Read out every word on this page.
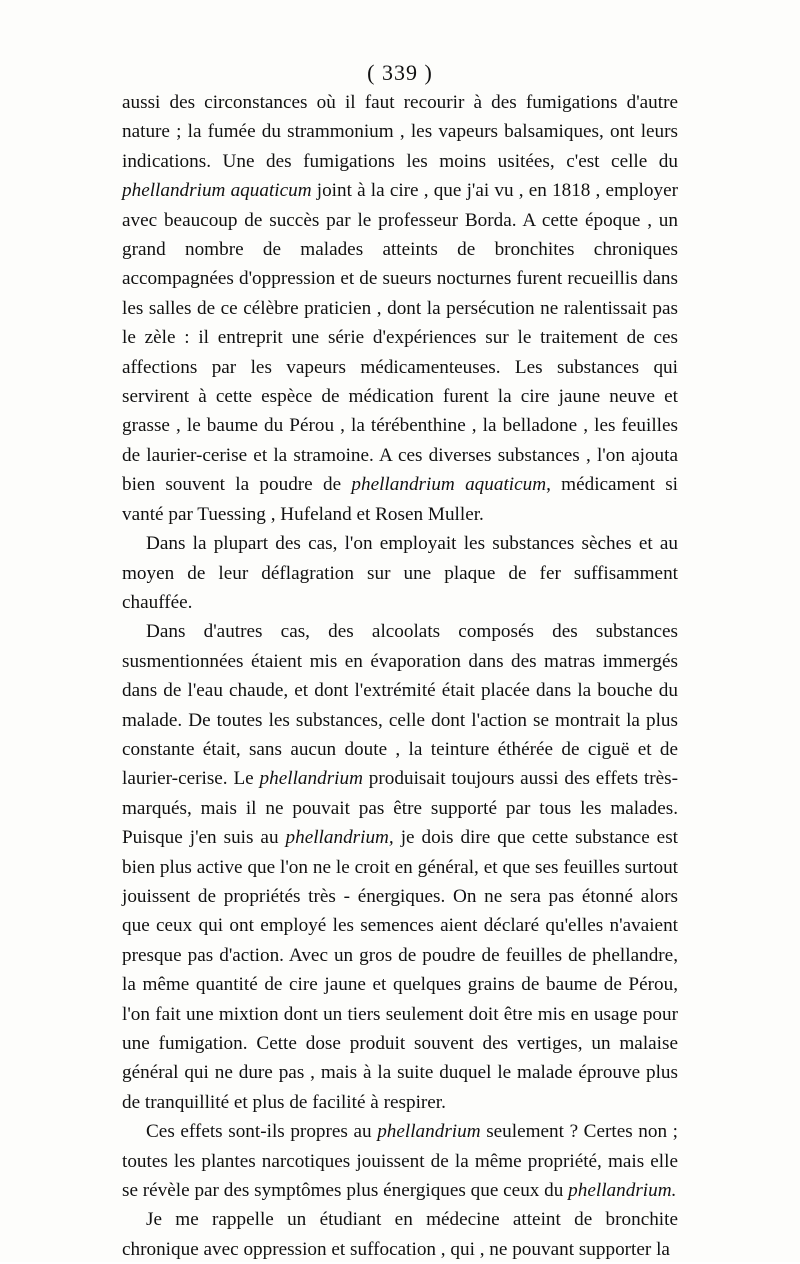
( 339 )

aussi des circonstances où il faut recourir à des fumigations d'autre nature ; la fumée du strammonium , les vapeurs balsamiques, ont leurs indications. Une des fumigations les moins usitées, c'est celle du phellandrium aquaticum joint à la cire , que j'ai vu , en 1818 , employer avec beaucoup de succès par le professeur Borda. A cette époque , un grand nombre de malades atteints de bronchites chroniques accompagnées d'oppression et de sueurs nocturnes furent recueillis dans les salles de ce célèbre praticien , dont la persécution ne ralentissait pas le zèle : il entreprit une série d'expériences sur le traitement de ces affections par les vapeurs médicamenteuses. Les substances qui servirent à cette espèce de médication furent la cire jaune neuve et grasse , le baume du Pérou , la térébenthine , la belladone , les feuilles de laurier-cerise et la stramoine. A ces diverses substances , l'on ajouta bien souvent la poudre de phellandrium aquaticum, médicament si vanté par Tuessing , Hufeland et Rosen Muller.

Dans la plupart des cas, l'on employait les substances sèches et au moyen de leur déflagration sur une plaque de fer suffisamment chauffée.

Dans d'autres cas, des alcoolats composés des substances susmentionnées étaient mis en évaporation dans des matras immergés dans de l'eau chaude, et dont l'extrémité était placée dans la bouche du malade. De toutes les substances, celle dont l'action se montrait la plus constante était, sans aucun doute , la teinture éthérée de ciguë et de laurier-cerise. Le phellandrium produisait toujours aussi des effets très-marqués, mais il ne pouvait pas être supporté par tous les malades. Puisque j'en suis au phellandrium, je dois dire que cette substance est bien plus active que l'on ne le croit en général, et que ses feuilles surtout jouissent de propriétés très - énergiques. On ne sera pas étonné alors que ceux qui ont employé les semences aient déclaré qu'elles n'avaient presque pas d'action. Avec un gros de poudre de feuilles de phellandre, la même quantité de cire jaune et quelques grains de baume de Pérou, l'on fait une mixtion dont un tiers seulement doit être mis en usage pour une fumigation. Cette dose produit souvent des vertiges, un malaise général qui ne dure pas , mais à la suite duquel le malade éprouve plus de tranquillité et plus de facilité à respirer.

Ces effets sont-ils propres au phellandrium seulement ? Certes non ; toutes les plantes narcotiques jouissent de la même propriété, mais elle se révèle par des symptômes plus énergiques que ceux du phellandrium.

Je me rappelle un étudiant en médecine atteint de bronchite chronique avec oppression et suffocation , qui , ne pouvant supporter la
